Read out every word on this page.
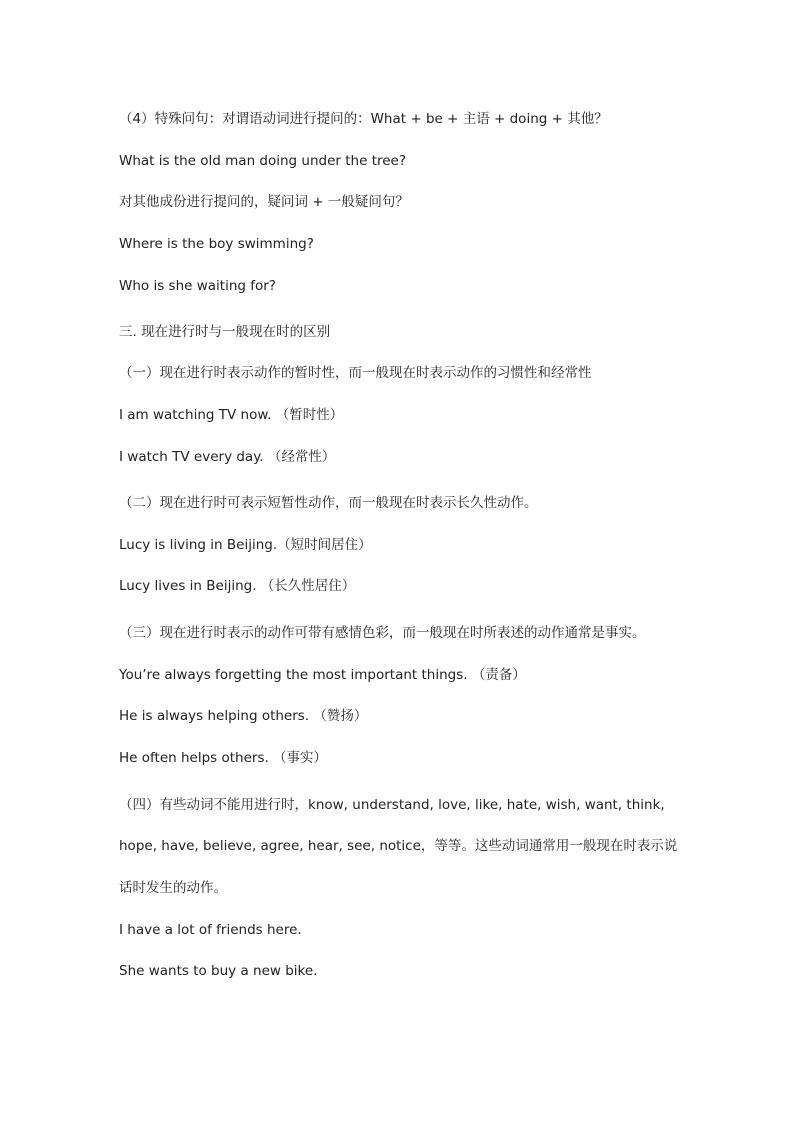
（4）特殊问句：对谓语动词进行提问的：What + be + 主语 + doing + 其他？
What is the old man doing under the tree?
对其他成份进行提问的，疑问词 + 一般疑问句？
Where is the boy swimming?
Who is she waiting for?
三. 现在进行时与一般现在时的区别
（一）现在进行时表示动作的暂时性，而一般现在时表示动作的习惯性和经常性
I am watching TV now. （暂时性）
I watch TV every day. （经常性）
（二）现在进行时可表示短暂性动作，而一般现在时表示长久性动作。
Lucy is living in Beijing.（短时间居住）
Lucy lives in Beijing. （长久性居住）
（三）现在进行时表示的动作可带有感情色彩，而一般现在时所表述的动作通常是事实。
You’re always forgetting the most important things. （责备）
He is always helping others. （赞扬）
He often helps others. （事实）
（四）有些动词不能用进行时，know, understand, love, like, hate, wish, want, think,
hope, have, believe, agree, hear, see, notice，等等。这些动词通常用一般现在时表示说
话时发生的动作。
I have a lot of friends here.
She wants to buy a new bike.
